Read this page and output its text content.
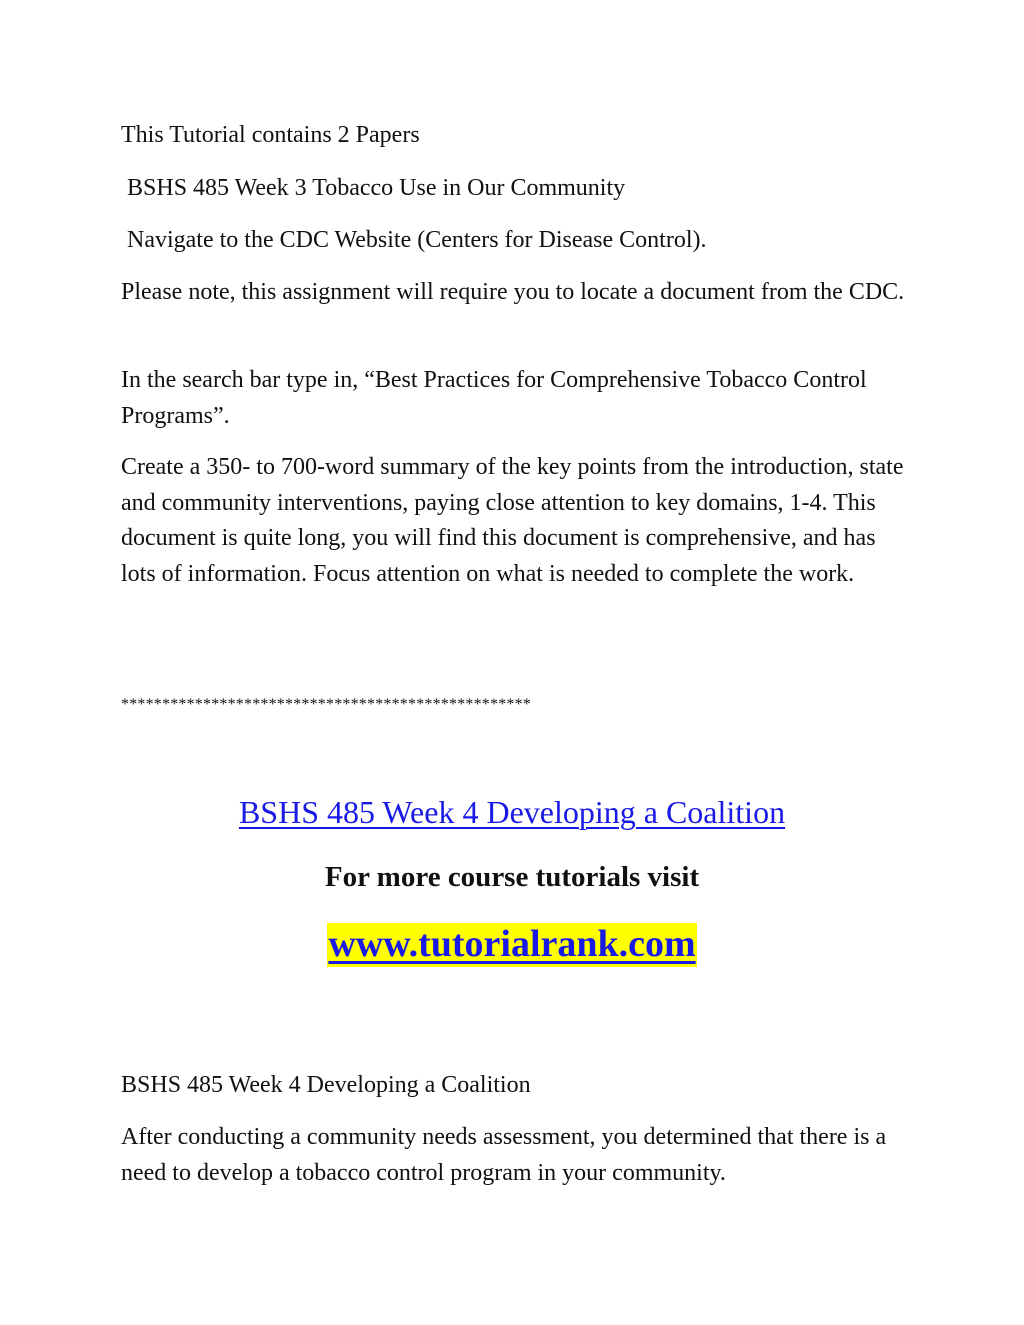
This Tutorial contains 2 Papers

BSHS 485 Week 3 Tobacco Use in Our Community

Navigate to the CDC Website (Centers for Disease Control).

Please note, this assignment will require you to locate a document from the CDC.

In the search bar type in, “Best Practices for Comprehensive Tobacco Control Programs”.

Create a 350- to 700-word summary of the key points from the introduction, state and community interventions, paying close attention to key domains, 1-4. This document is quite long, you will find this document is comprehensive, and has lots of information. Focus attention on what is needed to complete the work.

**************************************************

BSHS 485 Week 4 Developing a Coalition

For more course tutorials visit

www.tutorialrank.com

BSHS 485 Week 4 Developing a Coalition

After conducting a community needs assessment, you determined that there is a need to develop a tobacco control program in your community.
